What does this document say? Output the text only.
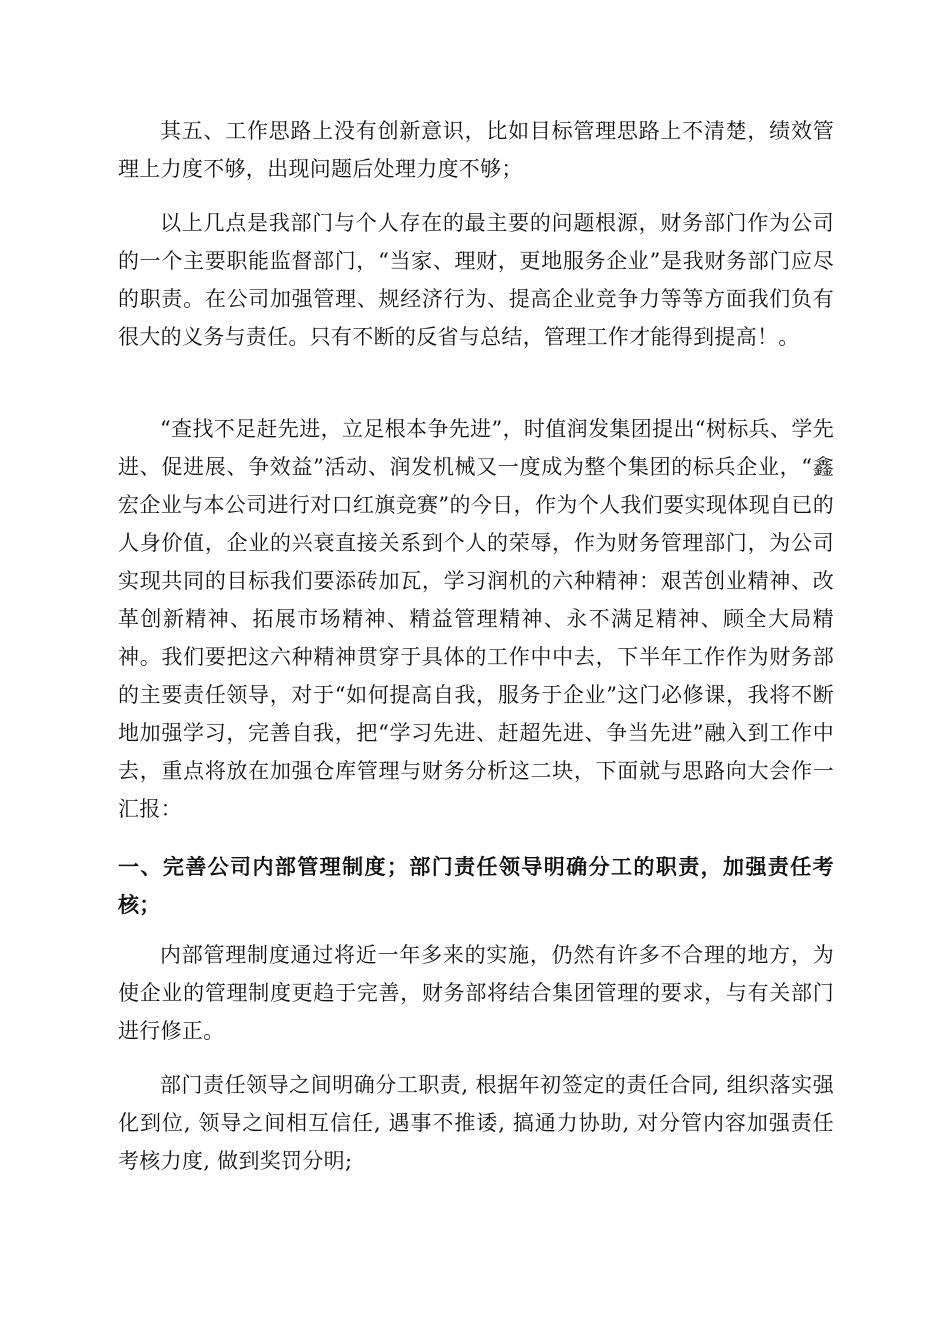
其五、工作思路上没有创新意识，比如目标管理思路上不清楚，绩效管理上力度不够，出现问题后处理力度不够；

以上几点是我部门与个人存在的最主要的问题根源，财务部门作为公司的一个主要职能监督部门，“当家、理财，更地服务企业”是我财务部门应尽的职责。在公司加强管理、规经济行为、提高企业竞争力等等方面我们负有很大的义务与责任。只有不断的反省与总结，管理工作才能得到提高！。

“查找不足赶先进，立足根本争先进”，时值润发集团提出“树标兵、学先进、促进展、争效益”活动、润发机械又一度成为整个集团的标兵企业，“鑫宏企业与本公司进行对口红旗竞赛”的今日，作为个人我们要实现体现自已的人身价值，企业的兴衰直接关系到个人的荣辱，作为财务管理部门，为公司实现共同的目标我们要添砖加瓦，学习润机的六种精神：艰苦创业精神、改革创新精神、拓展市场精神、精益管理精神、永不满足精神、顾全大局精神。我们要把这六种精神贯穿于具体的工作中中去，下半年工作作为财务部的主要责任领导，对于“如何提高自我，服务于企业”这门必修课，我将不断地加强学习，完善自我，把“学习先进、赶超先进、争当先进”融入到工作中去，重点将放在加强仓库管理与财务分析这二块，下面就与思路向大会作一汇报：

一、完善公司内部管理制度；部门责任领导明确分工的职责，加强责任考核；

内部管理制度通过将近一年多来的实施，仍然有许多不合理的地方，为使企业的管理制度更趋于完善，财务部将结合集团管理的要求，与有关部门进行修正。

部门责任领导之间明确分工职责, 根据年初签定的责任合同, 组织落实强化到位, 领导之间相互信任, 遇事不推诿, 搞通力协助, 对分管内容加强责任考核力度, 做到奖罚分明;
